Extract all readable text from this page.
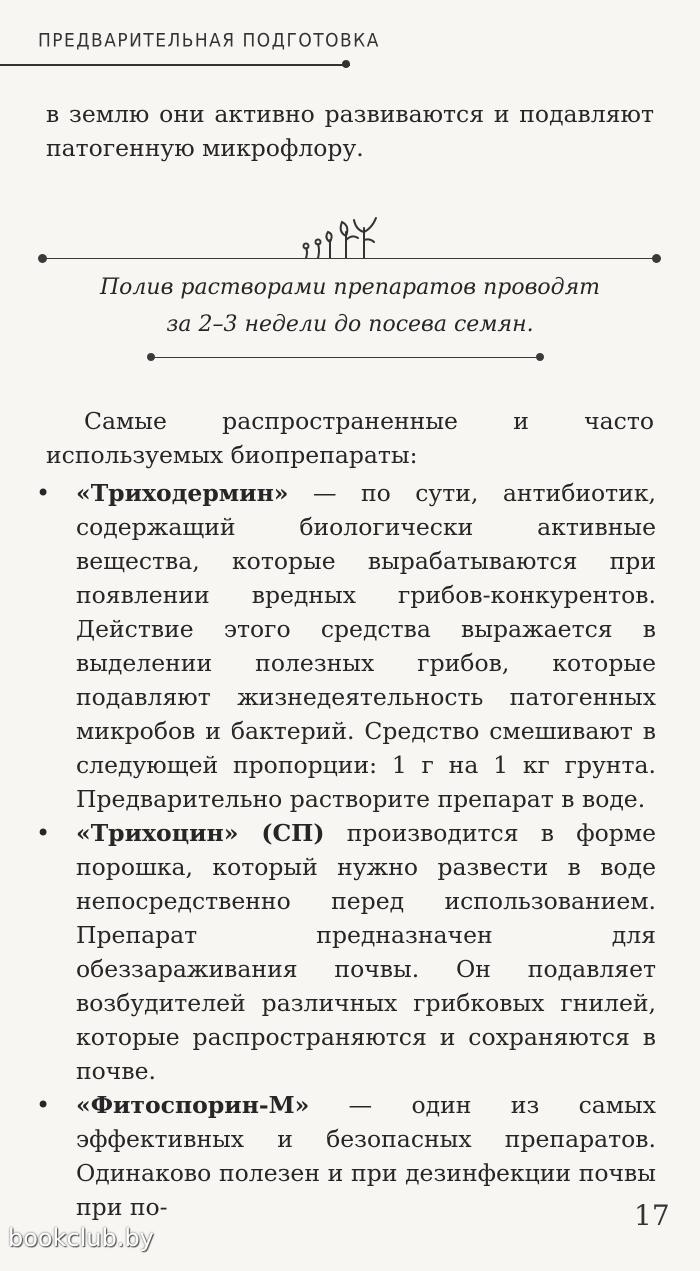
ПРЕДВАРИТЕЛЬНАЯ ПОДГОТОВКА

в землю они активно развиваются и подавляют патогенную микрофлору.

Полив растворами препаратов проводят
за 2–3 недели до посева семян.

Самые распространенные и часто используемых биопрепараты:

• «Триходермин» — по сути, антибиотик, содержащий биологически активные вещества, которые вырабатываются при появлении вредных грибов-конкурентов. Действие этого средства выражается в выделении полезных грибов, которые подавляют жизнедеятельность патогенных микробов и бактерий. Средство смешивают в следующей пропорции: 1 г на 1 кг грунта. Предварительно растворите препарат в воде.
• «Трихоцин» (СП) производится в форме порошка, который нужно развести в воде непосредственно перед использованием. Препарат предназначен для обеззараживания почвы. Он подавляет возбудителей различных грибковых гнилей, которые распространяются и сохраняются в почве.
• «Фитоспорин-М» — один из самых эффективных и безопасных препаратов. Одинаково полезен и при дезинфекции почвы при по-	17
bookclub.by
